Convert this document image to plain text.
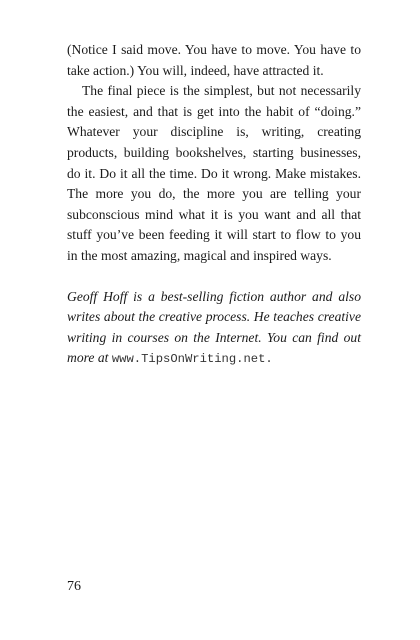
(Notice I said move. You have to move. You have to take action.) You will, indeed, have attracted it.

The final piece is the simplest, but not necessarily the easiest, and that is get into the habit of “doing.” Whatever your discipline is, writing, creating products, building bookshelves, starting businesses, do it. Do it all the time. Do it wrong. Make mistakes. The more you do, the more you are telling your subconscious mind what it is you want and all that stuff you’ve been feeding it will start to flow to you in the most amazing, magical and inspired ways.

Geoff Hoff is a best-selling fiction author and also writes about the creative process. He teaches creative writing in courses on the Internet. You can find out more at www.TipsOnWriting.net.

76
